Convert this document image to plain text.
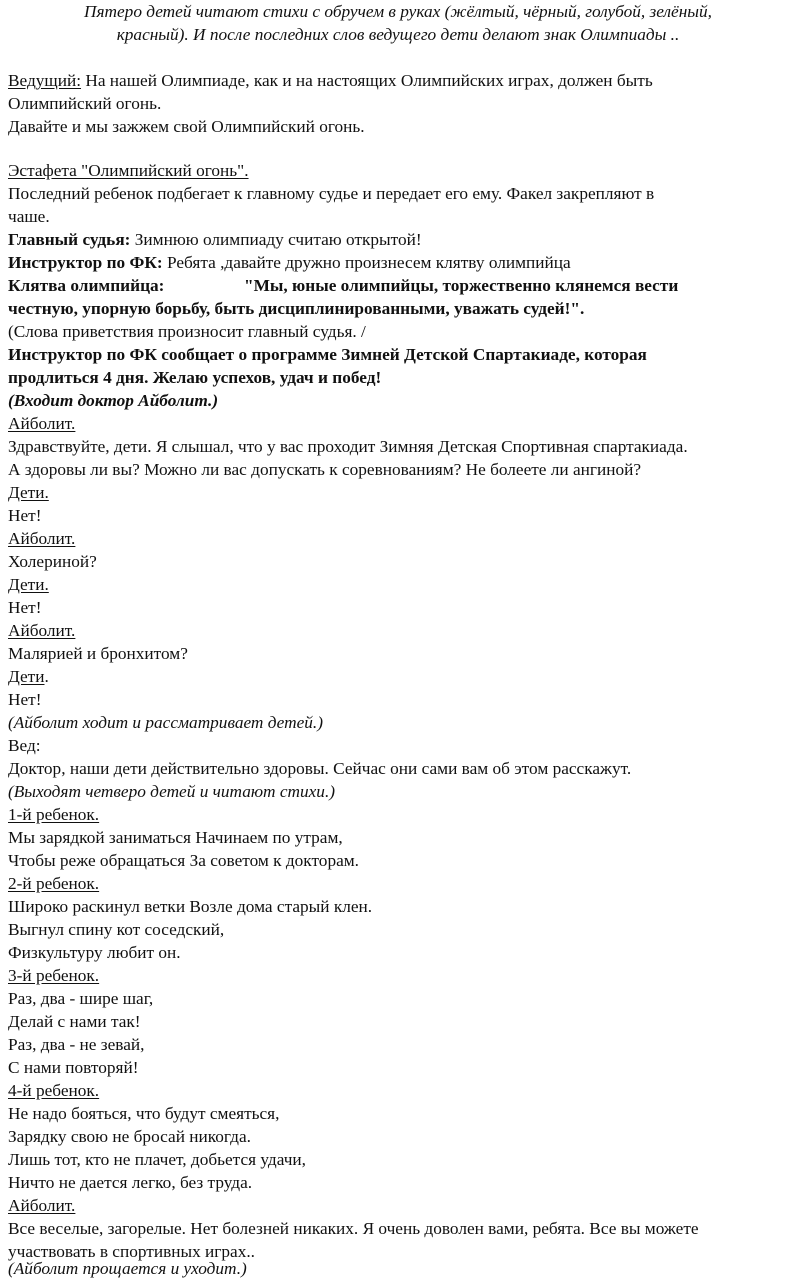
Пятеро детей читают стихи с обручем в руках (жёлтый, чёрный, голубой, зелёный,
красный). И после последних слов ведущего дети делают знак Олимпиады ..
Ведущий: На нашей Олимпиаде, как и на настоящих Олимпийских играх, должен быть
Олимпийский огонь.
Давайте и мы зажжем свой Олимпийский огонь.
Эстафета "Олимпийский огонь".
Последний ребенок подбегает к главному судье и передает его ему. Факел закрепляют в
чаше.
Главный судья: Зимнюю олимпиаду считаю открытой!
Инструктор по ФК: Ребята ,давайте дружно произнесем клятву олимпийца
Клятва олимпийца:	"Мы, юные олимпийцы, торжественно клянемся вести
честную, упорную борьбу, быть дисциплинированными, уважать судей!".
(Слова приветствия произносит главный судья. /
Инструктор по ФК сообщает о программе Зимней Детской Спартакиаде, которая
продлиться 4 дня. Желаю успехов, удач и побед!
(Входит доктор Айболит.)
Айболит.
Здравствуйте, дети. Я слышал, что у вас проходит Зимняя Детская Спортивная спартакиада.
А здоровы ли вы? Можно ли вас допускать к соревнованиям? Не болеете ли ангиной?
Дети.
Нет!
Айболит.
Холериной?
Дети.
Нет!
Айболит.
Малярией и бронхитом?
Дети.
Нет!
(Айболит ходит и рассматривает детей.)
Вед:
Доктор, наши дети действительно здоровы. Сейчас они сами вам об этом расскажут.
(Выходят четверо детей и читают стихи.)
1-й ребенок.
Мы зарядкой заниматься Начинаем по утрам,
Чтобы реже обращаться За советом к докторам.
2-й ребенок.
Широко раскинул ветки Возле дома старый клен.
Выгнул спину кот соседский,
Физкультуру любит он.
3-й ребенок.
Раз, два - шире шаг,
Делай с нами так!
Раз, два - не зевай,
С нами повторяй!
4-й ребенок.
Не надо бояться, что будут смеяться,
Зарядку свою не бросай никогда.
Лишь тот, кто не плачет, добьется удачи,
Ничто не дается легко, без труда.
Айболит.
Все веселые, загорелые. Нет болезней никаких. Я очень доволен вами, ребята. Все вы можете
участвовать в спортивных играх..
(Айболит прощается и уходит.)
